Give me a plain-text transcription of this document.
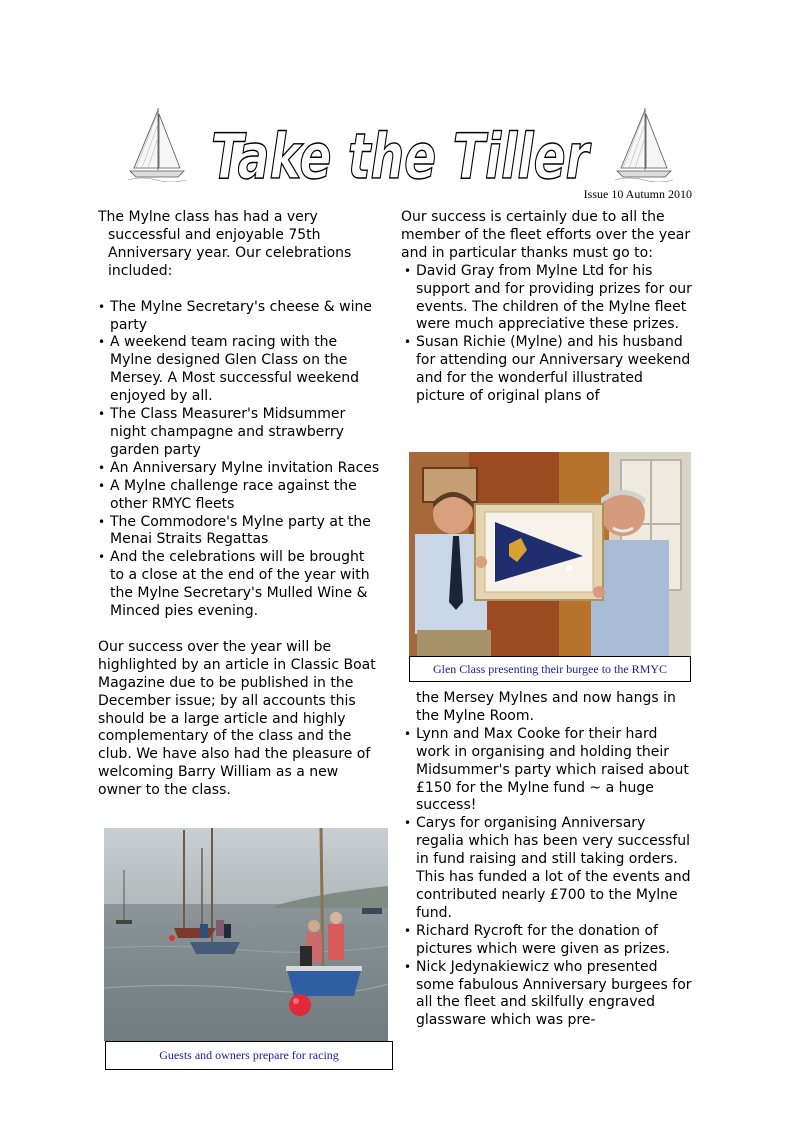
Take the Tiller
Issue 10 Autumn 2010

The Mylne class has had a very successful and enjoyable 75th Anniversary year. Our celebrations included:

• The Mylne Secretary's cheese & wine party
• A weekend team racing with the Mylne designed Glen Class on the Mersey. A Most successful weekend enjoyed by all.
• The Class Measurer's Midsummer night champagne and strawberry garden party
• An Anniversary Mylne invitation Races
• A Mylne challenge race against the other RMYC fleets
• The Commodore's Mylne party at the Menai Straits Regattas
• And the celebrations will be brought to a close at the end of the year with the Mylne Secretary's Mulled Wine & Minced pies evening.

Our success over the year will be highlighted by an article in Classic Boat Magazine due to be published in the December issue; by all accounts this should be a large article and highly complementary of the class and the club. We have also had the pleasure of welcoming Barry William as a new owner to the class.

Guests and owners prepare for racing

Our success is certainly due to all the member of the fleet efforts over the year and in particular thanks must go to:

• David Gray from Mylne Ltd for his support and for providing prizes for our events. The children of the Mylne fleet were much appreciative these prizes.
• Susan Richie (Mylne) and his husband for attending our Anniversary weekend and for the wonderful illustrated picture of original plans of
Glen Class presenting their burgee to the RMYC

the Mersey Mylnes and now hangs in the Mylne Room.

• Lynn and Max Cooke for their hard work in organising and holding their Midsummer's party which raised about £150 for the Mylne fund ~ a huge success!
• Carys for organising Anniversary regalia which has been very successful in fund raising and still taking orders. This has funded a lot of the events and contributed nearly £700 to the Mylne fund.
• Richard Rycroft for the donation of pictures which were given as prizes.
• Nick Jedynakiewicz who presented some fabulous Anniversary burgees for all the fleet and skilfully engraved glassware which was pre-
